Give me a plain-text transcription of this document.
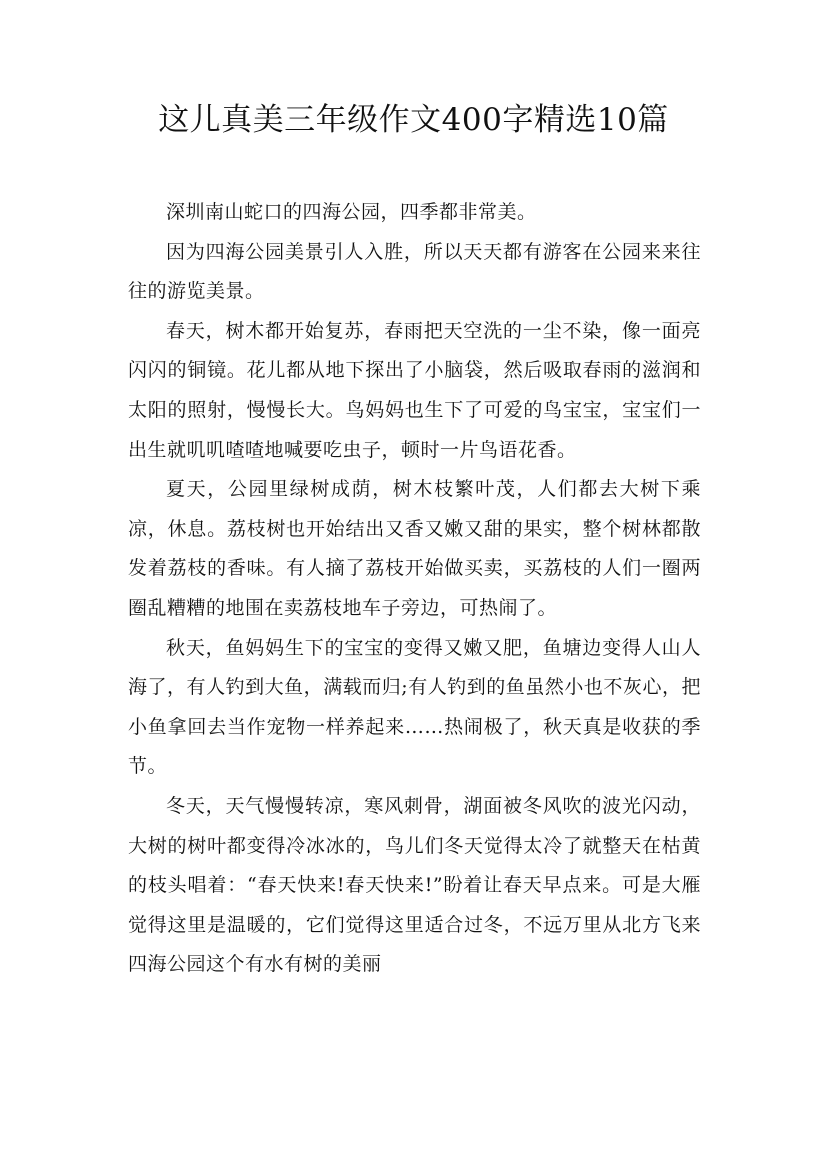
这儿真美三年级作文400字精选10篇

深圳南山蛇口的四海公园，四季都非常美。

因为四海公园美景引人入胜，所以天天都有游客在公园来来往往的游览美景。

春天，树木都开始复苏，春雨把天空洗的一尘不染，像一面亮闪闪的铜镜。花儿都从地下探出了小脑袋，然后吸取春雨的滋润和太阳的照射，慢慢长大。鸟妈妈也生下了可爱的鸟宝宝，宝宝们一出生就叽叽喳喳地喊要吃虫子，顿时一片鸟语花香。

夏天，公园里绿树成荫，树木枝繁叶茂，人们都去大树下乘凉，休息。荔枝树也开始结出又香又嫩又甜的果实，整个树林都散发着荔枝的香味。有人摘了荔枝开始做买卖，买荔枝的人们一圈两圈乱糟糟的地围在卖荔枝地车子旁边，可热闹了。

秋天，鱼妈妈生下的宝宝的变得又嫩又肥，鱼塘边变得人山人海了，有人钓到大鱼，满载而归;有人钓到的鱼虽然小也不灰心，把小鱼拿回去当作宠物一样养起来……热闹极了，秋天真是收获的季节。

冬天，天气慢慢转凉，寒风刺骨，湖面被冬风吹的波光闪动，大树的树叶都变得冷冰冰的，鸟儿们冬天觉得太冷了就整天在枯黄的枝头唱着：“春天快来!春天快来!”盼着让春天早点来。可是大雁觉得这里是温暖的，它们觉得这里适合过冬，不远万里从北方飞来四海公园这个有水有树的美丽
